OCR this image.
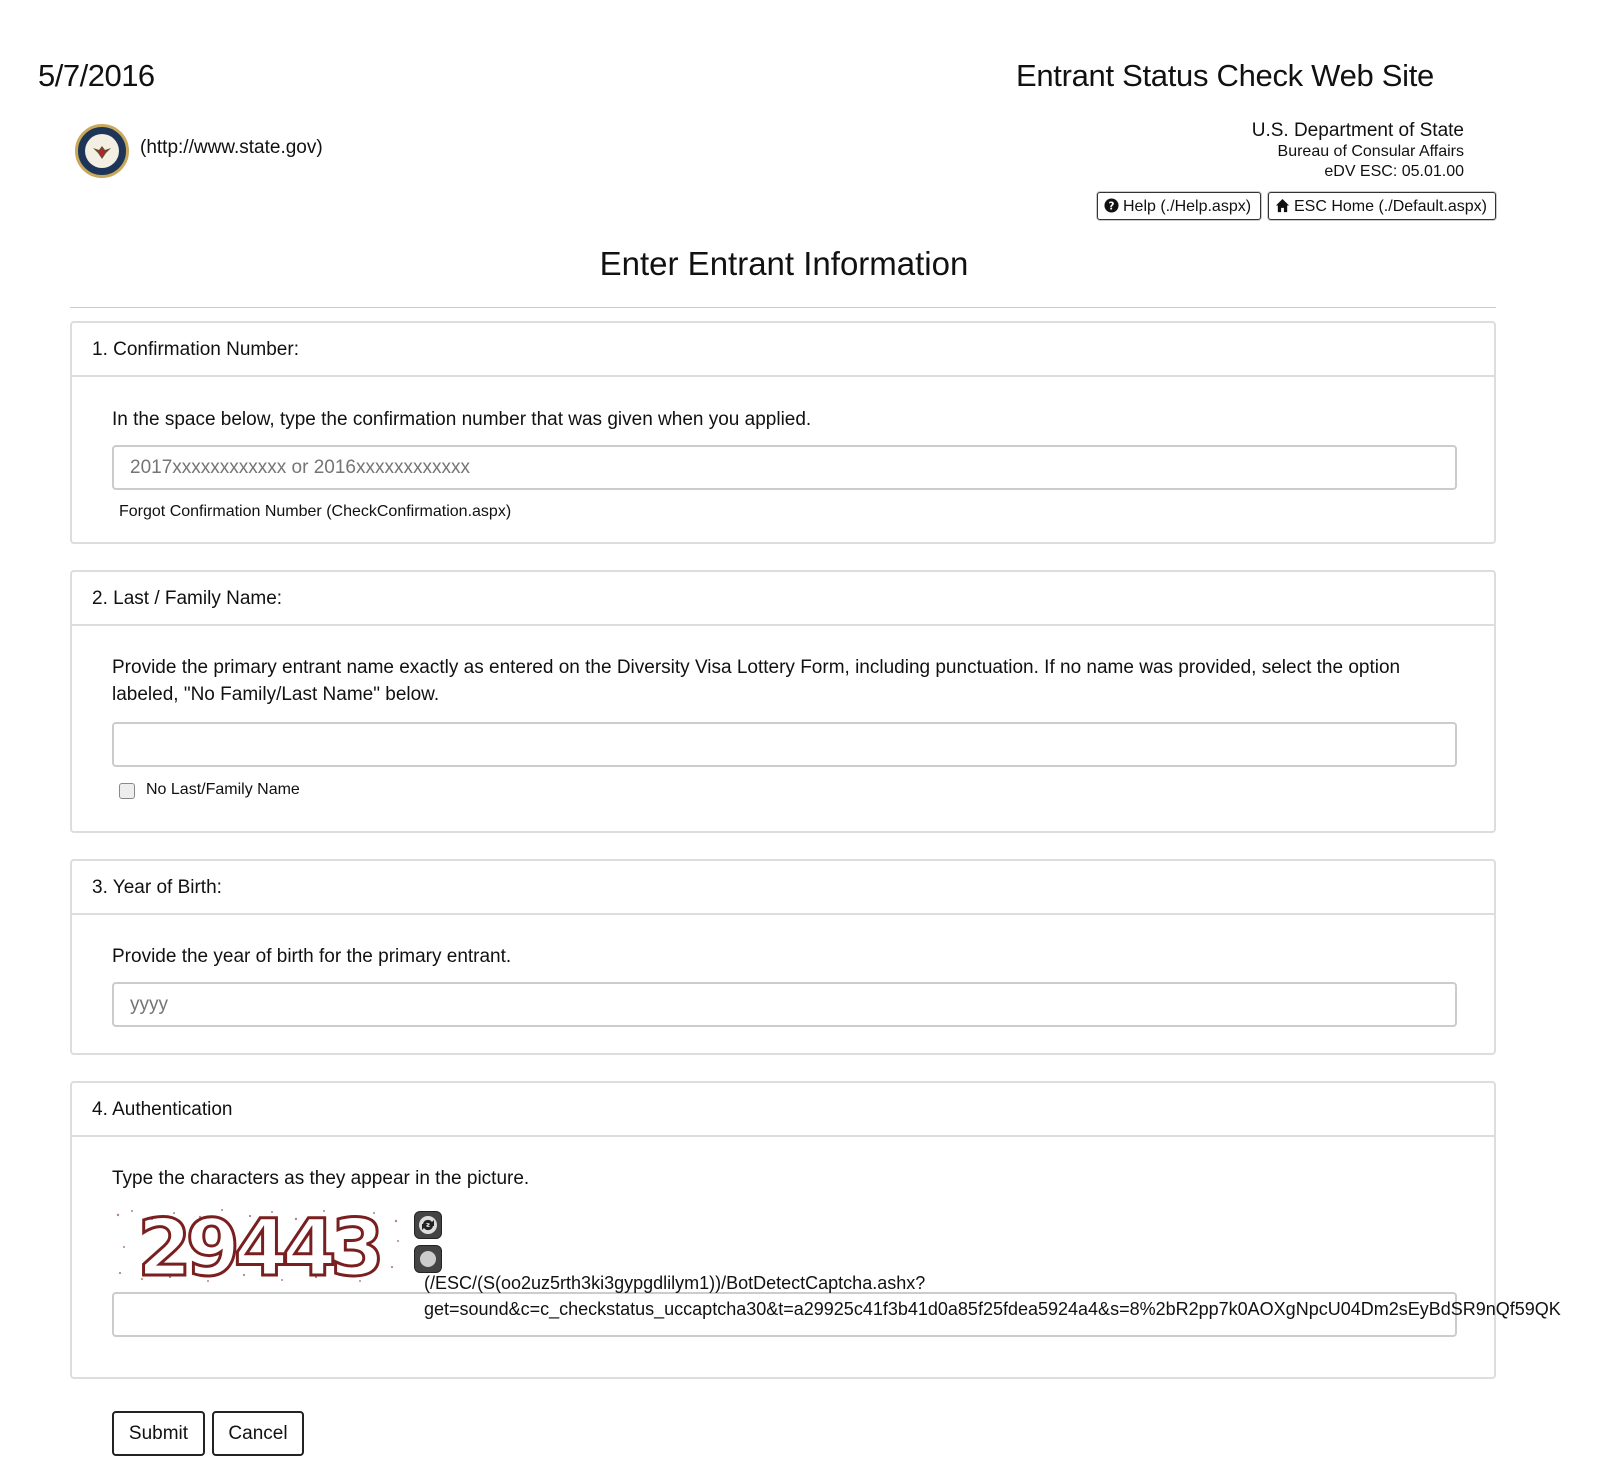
5/7/2016	Entrant Status Check Web Site
(http://www.state.gov)
U.S. Department of State
Bureau of Consular Affairs
eDV ESC: 05.01.00
? Help (./Help.aspx)	ESC Home (./Default.aspx)
Enter Entrant Information
1. Confirmation Number:
In the space below, type the confirmation number that was given when you applied.
2017xxxxxxxxxxxx or 2016xxxxxxxxxxxx
Forgot Confirmation Number (CheckConfirmation.aspx)
2. Last / Family Name:
Provide the primary entrant name exactly as entered on the Diversity Visa Lottery Form, including punctuation. If no name was provided, select the option labeled, "No Family/Last Name" below.
No Last/Family Name
3. Year of Birth:
Provide the year of birth for the primary entrant.
yyyy
4. Authentication
Type the characters as they appear in the picture.
29443	(/ESC/(S(oo2uz5rth3ki3gypgdlilym1))/BotDetectCaptcha.ashx?
get=sound&c=c_checkstatus_uccaptcha30&t=a29925c41f3b41d0a85f25fdea5924a4&s=8%2bR2pp7k0AOXgNpcU04Dm2sEyBdSR9nQf59QK
Submit	Cancel
